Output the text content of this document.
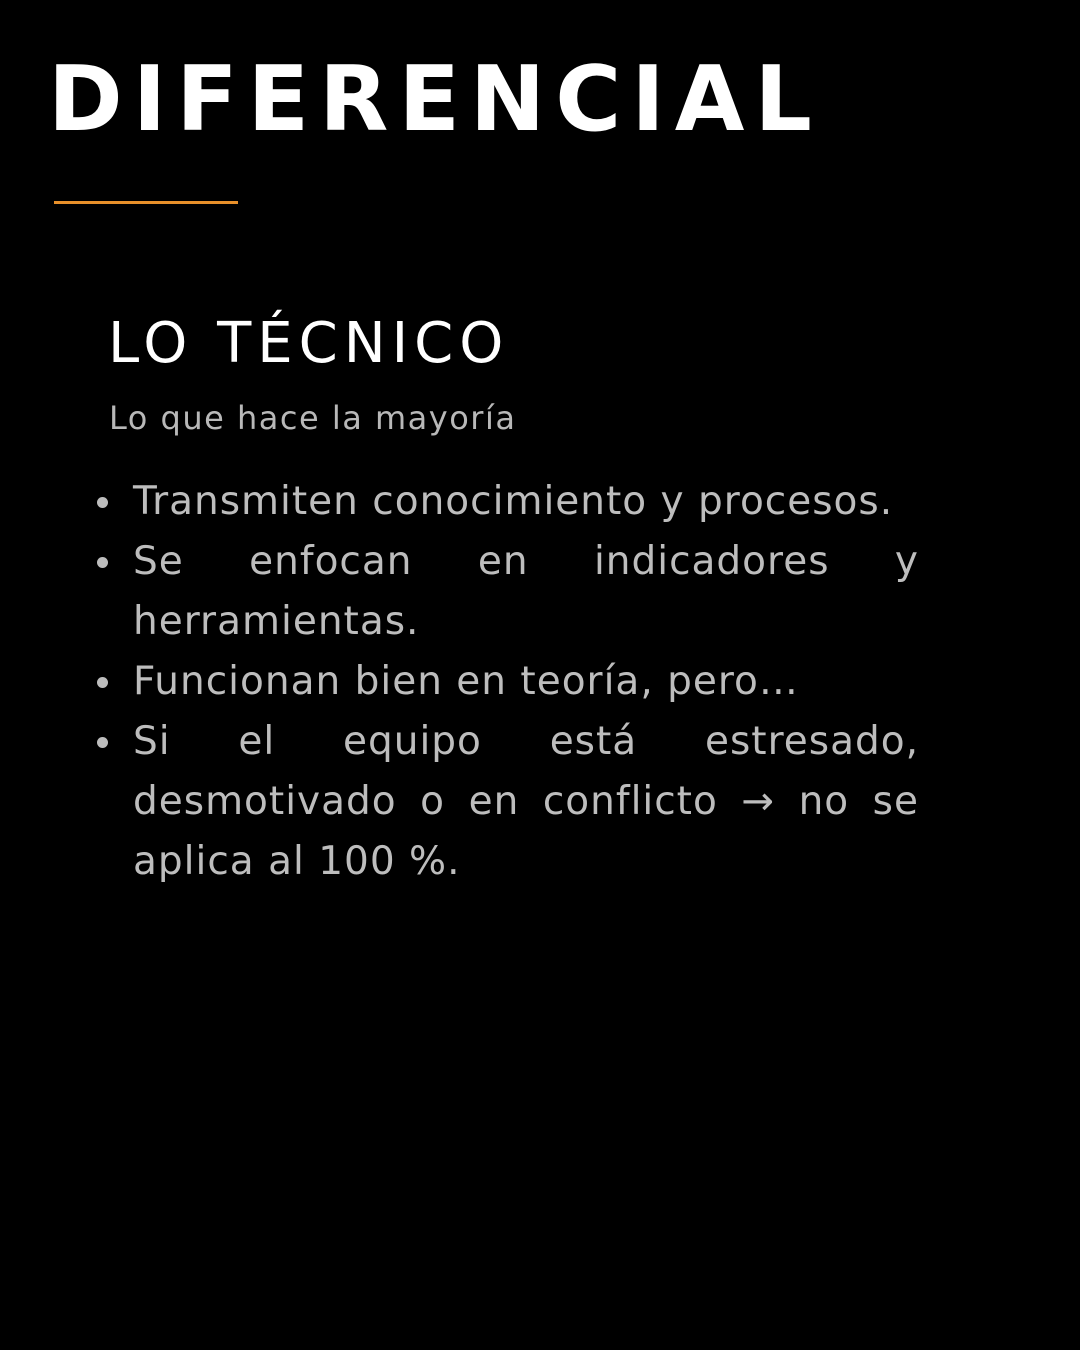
DIFERENCIAL
LO TÉCNICO

Lo que hace la mayoría

Transmiten conocimiento y procesos.
Se enfocan en indicadores y herramientas.
Funcionan bien en teoría, pero…
Si el equipo está estresado, desmotivado o en conflicto → no se aplica al 100 %.
